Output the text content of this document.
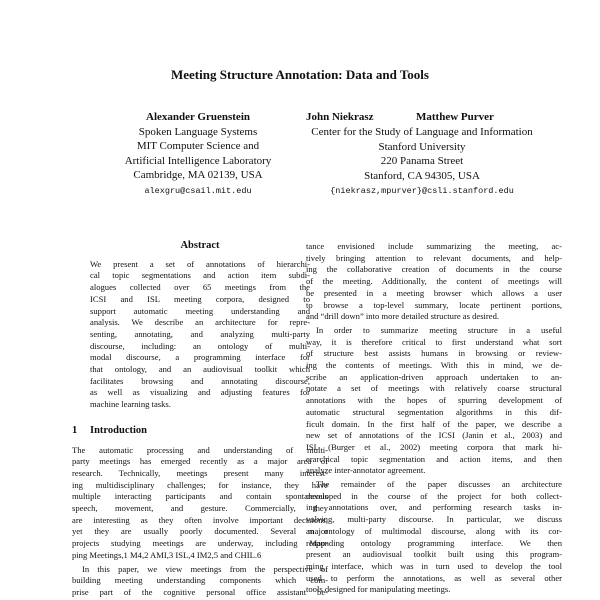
Meeting Structure Annotation: Data and Tools
Alexander Gruenstein
Spoken Language Systems
MIT Computer Science and
Artificial Intelligence Laboratory
Cambridge, MA 02139, USA
alexgru@csail.mit.edu
John Niekrasz	Matthew Purver
Center for the Study of Language and Information
Stanford University
220 Panama Street
Stanford, CA 94305, USA
{niekrasz,mpurver}@csli.stanford.edu
Abstract
We present a set of annotations of hierarchi-
cal topic segmentations and action item subdi-
alogues collected over 65 meetings from the
ICSI and ISL meeting corpora, designed to
support automatic meeting understanding and
analysis. We describe an architecture for repre-
senting, annotating, and analyzing multi-party
discourse, including: an ontology of multi-
modal discourse, a programming interface for
that ontology, and an audiovisual toolkit which
facilitates browsing and annotating discourse,
as well as visualizing and adjusting features for
machine learning tasks.
1 Introduction
The automatic processing and understanding of multi-
party meetings has emerged recently as a major area of
research. Technically, meetings present many interest-
ing multidisciplinary challenges; for instance, they have
multiple interacting participants and contain spontaneous
speech, movement, and gesture. Commercially, they
are interesting as they often involve important decisions,
yet they are usually poorly documented. Several major
projects studying meetings are underway, including Map-
ping Meetings,1 M4,2 AMI,3 ISL,4 IM2,5 and CHIL.6
In this paper, we view meetings from the perspective of
building meeting understanding components which com-
prise part of the cognitive personal office assistant be-
tance envisioned include summarizing the meeting, ac-
tively bringing attention to relevant documents, and help-
ing the collaborative creation of documents in the course
of the meeting. Additionally, the content of meetings will
be presented in a meeting browser which allows a user
to browse a top-level summary, locate pertinent portions,
and “drill down” into more detailed structure as desired.
In order to summarize meeting structure in a useful
way, it is therefore critical to first understand what sort
of structure best assists humans in browsing or review-
ing the contents of meetings. With this in mind, we de-
scribe an application-driven approach undertaken to an-
notate a set of meetings with relatively coarse structural
annotations with the hopes of spurring development of
automatic structural segmentation algorithms in this dif-
ficult domain. In the first half of the paper, we describe a
new set of annotations of the ICSI (Janin et al., 2003) and
ISL (Burger et al., 2002) meeting corpora that mark hi-
erarchical topic segmentation and action items, and then
analyze inter-annotator agreement.
The remainder of the paper discusses an architecture
developed in the course of the project for both collect-
ing annotations over, and performing research tasks in-
volving, multi-party discourse. In particular, we discuss
an ontology of multimodal discourse, along with its cor-
responding ontology programming interface. We then
present an audiovisual toolkit built using this program-
ming interface, which was in turn used to develop the tool
used to perform the annotations, as well as several other
tools designed for manipulating meetings.
